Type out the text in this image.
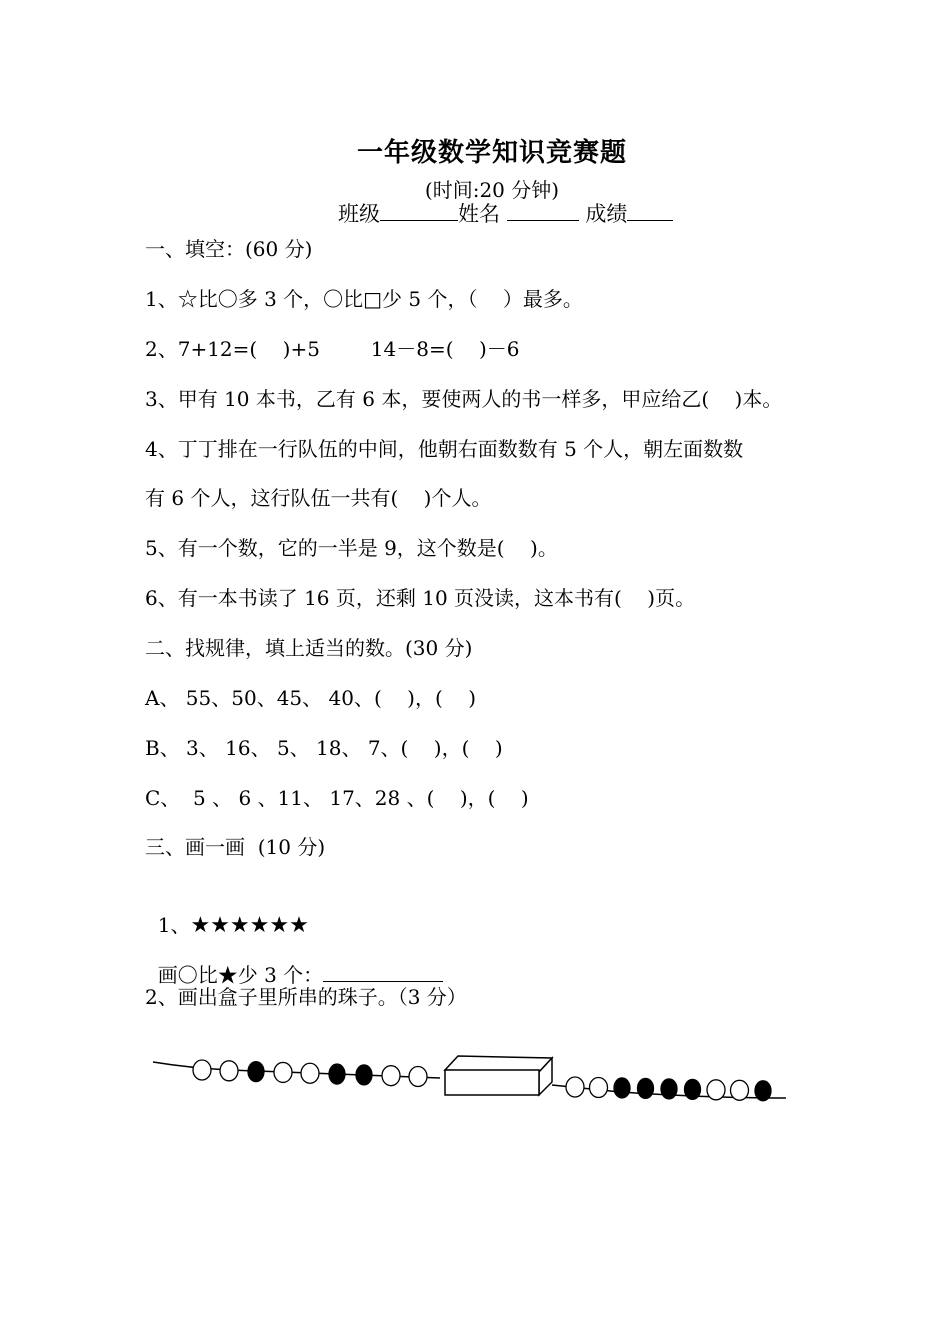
一年级数学知识竞赛题
(时间:20 分钟)
班级	姓名	成绩
一、填空：(60 分)
1、☆比〇多 3 个，〇比□少 5 个，（    ）最多。
2、7+12=(    )+5        14－8=(    )－6
3、甲有 10 本书，乙有 6 本，要使两人的书一样多，甲应给乙(    )本。
4、丁丁排在一行队伍的中间，他朝右面数数有 5 个人，朝左面数数
有 6 个人，这行队伍一共有(    )个人。
5、有一个数，它的一半是 9，这个数是(    )。
6、有一本书读了 16 页，还剩 10 页没读，这本书有(    )页。
二、找规律，填上适当的数。(30 分)
A、 55、50、45、 40、(    )，(    )
B、 3、 16、 5、 18、 7、(    )，(    )
C、  5 、 6 、11、 17、28 、(    )，(    )
三、画一画  (10 分)

1、★★★★★★

画〇比★少 3 个：

2、画出盒子里所串的珠子。（3 分）
